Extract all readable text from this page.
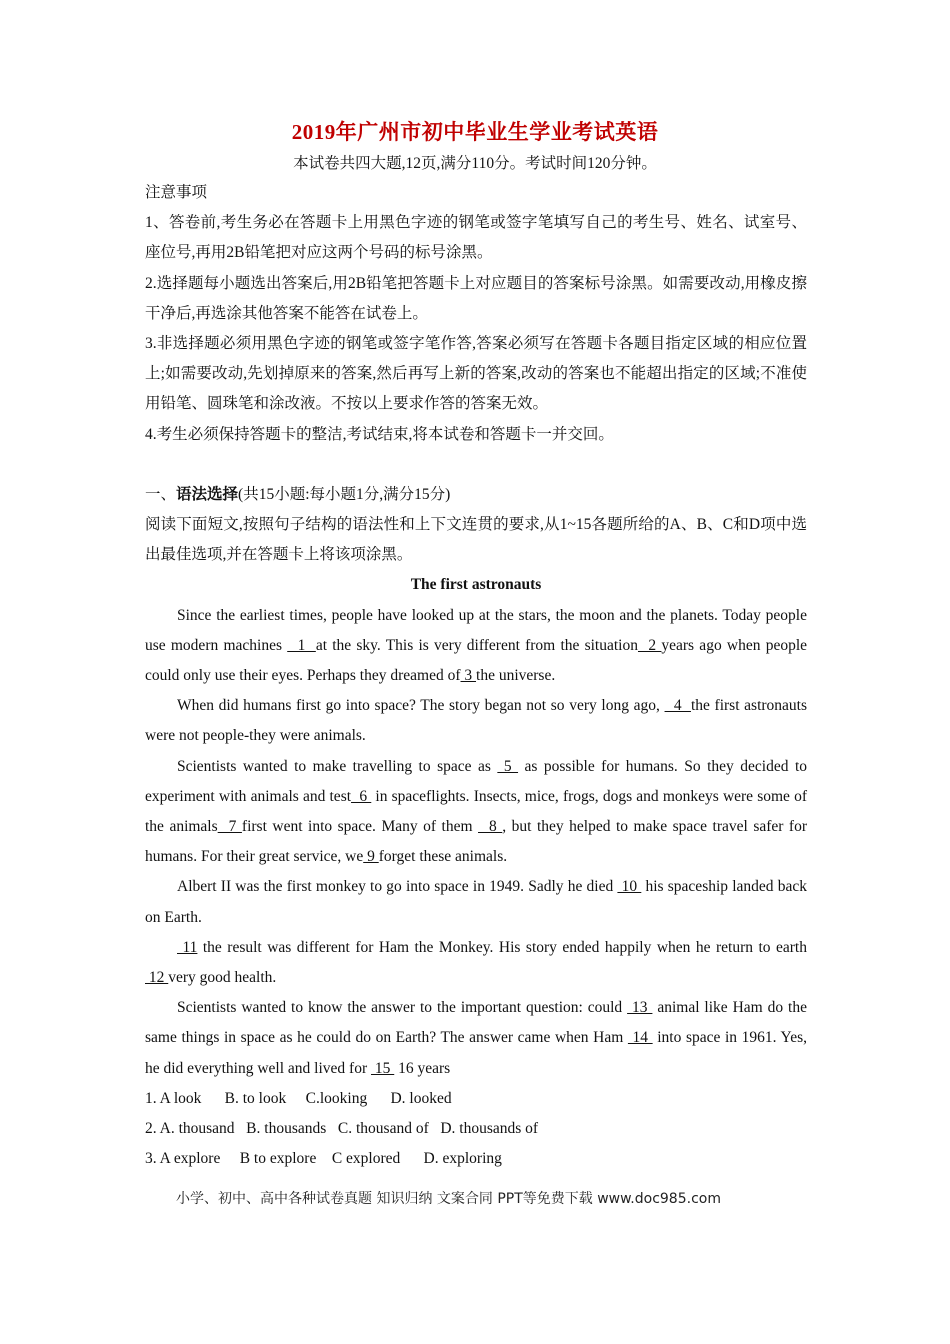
2019年广州市初中毕业生学业考试英语
本试卷共四大题,12页,满分110分。考试时间120分钟。

注意事项

1、答卷前,考生务必在答题卡上用黑色字迹的钢笔或签字笔填写自己的考生号、姓名、试室号、座位号,再用2B铅笔把对应这两个号码的标号涂黑。

2.选择题每小题选出答案后,用2B铅笔把答题卡上对应题目的答案标号涂黑。如需要改动,用橡皮擦干净后,再选涂其他答案不能答在试卷上。

3.非选择题必须用黑色字迹的钢笔或签字笔作答,答案必须写在答题卡各题目指定区域的相应位置上;如需要改动,先划掉原来的答案,然后再写上新的答案,改动的答案也不能超出指定的区域;不准使用铅笔、圆珠笔和涂改液。不按以上要求作答的答案无效。

4.考生必须保持答题卡的整洁,考试结束,将本试卷和答题卡一并交回。

一、语法选择(共15小题:每小题1分,满分15分)

阅读下面短文,按照句子结构的语法性和上下文连贯的要求,从1~15各题所给的A、B、C和D项中选出最佳选项,并在答题卡上将该项涂黑。

The first astronauts

Since the earliest times, people have looked up at the stars, the moon and the planets. Today people use modern machines   1  at the sky. This is very different from the situation  2 years ago when people could only use their eyes. Perhaps they dreamed of 3 the universe.

When did humans first go into space? The story began not so very long ago,   4  the first astronauts were not people-they were animals.

Scientists wanted to make travelling to space as  5  as possible for humans. So they decided to experiment with animals and test  6  in spaceflights. Insects, mice, frogs, dogs and monkeys were some of the animals  7 first went into space. Many of them   8 , but they helped to make space travel safer for humans. For their great service, we 9 forget these animals.

Albert II was the first monkey to go into space in 1949. Sadly he died  10  his spaceship landed back on Earth.

11 the result was different for Ham the Monkey. His story ended happily when he return to earth 12 very good health.

Scientists wanted to know the answer to the important question: could  13  animal like Ham do the same things in space as he could do on Earth? The answer came when Ham  14  into space in 1961. Yes, he did everything well and lived for  15  16 years

1. A look      B. to look     C.looking      D. looked

2. A. thousand   B. thousands   C. thousand of   D. thousands of

3. A explore     B to explore    C explored      D. exploring

小学、初中、高中各种试卷真题 知识归纳 文案合同 PPT等免费下载 www.doc985.com
